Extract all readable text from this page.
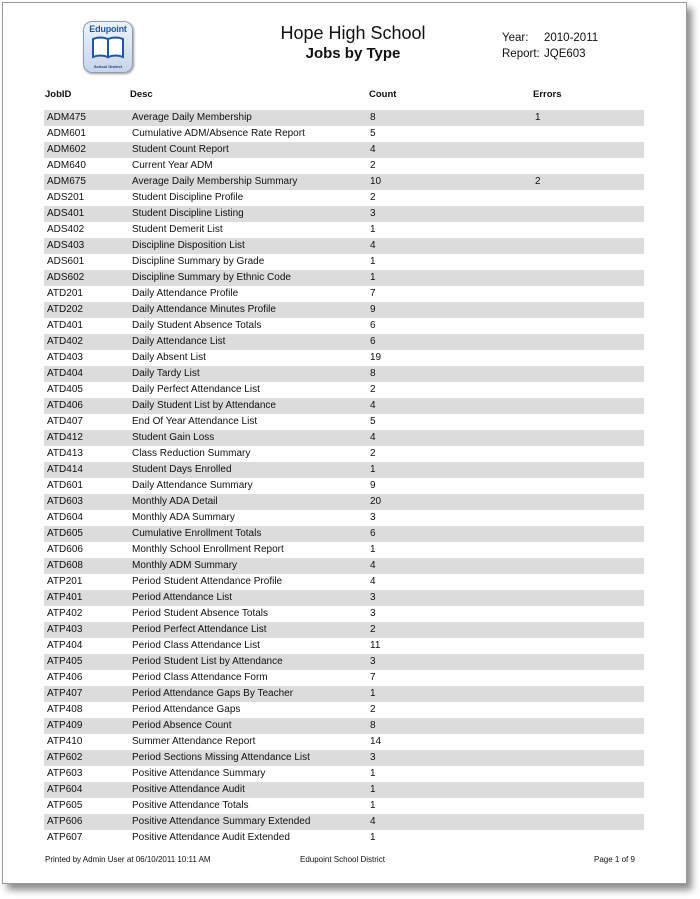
Edupoint
School District
Hope High School
Jobs by Type
Year: 2010-2011
Report: JQE603
JobID	Desc	Count	Errors
ADM475	Average Daily Membership	8	1
ADM601	Cumulative ADM/Absence Rate Report	5
ADM602	Student Count Report	4
ADM640	Current Year ADM	2
ADM675	Average Daily Membership Summary	10	2
ADS201	Student Discipline Profile	2
ADS401	Student Discipline Listing	3
ADS402	Student Demerit List	1
ADS403	Discipline Disposition List	4
ADS601	Discipline Summary by Grade	1
ADS602	Discipline Summary by Ethnic Code	1
ATD201	Daily Attendance Profile	7
ATD202	Daily Attendance Minutes Profile	9
ATD401	Daily Student Absence Totals	6
ATD402	Daily Attendance List	6
ATD403	Daily Absent List	19
ATD404	Daily Tardy List	8
ATD405	Daily Perfect Attendance List	2
ATD406	Daily Student List by Attendance	4
ATD407	End Of Year Attendance List	5
ATD412	Student Gain Loss	4
ATD413	Class Reduction Summary	2
ATD414	Student Days Enrolled	1
ATD601	Daily Attendance Summary	9
ATD603	Monthly ADA Detail	20
ATD604	Monthly ADA Summary	3
ATD605	Cumulative Enrollment Totals	6
ATD606	Monthly School Enrollment Report	1
ATD608	Monthly ADM Summary	4
ATP201	Period Student Attendance Profile	4
ATP401	Period Attendance List	3
ATP402	Period Student Absence Totals	3
ATP403	Period Perfect Attendance List	2
ATP404	Period Class Attendance List	11
ATP405	Period Student List by Attendance	3
ATP406	Period Class Attendance Form	7
ATP407	Period Attendance Gaps By Teacher	1
ATP408	Period Attendance Gaps	2
ATP409	Period Absence Count	8
ATP410	Summer Attendance Report	14
ATP602	Period Sections Missing Attendance List	3
ATP603	Positive Attendance Summary	1
ATP604	Positive Attendance Audit	1
ATP605	Positive Attendance Totals	1
ATP606	Positive Attendance Summary Extended	4
ATP607	Positive Attendance Audit Extended	1
Printed by Admin User at 06/10/2011 10:11 AM	Edupoint School District	Page 1 of 9
